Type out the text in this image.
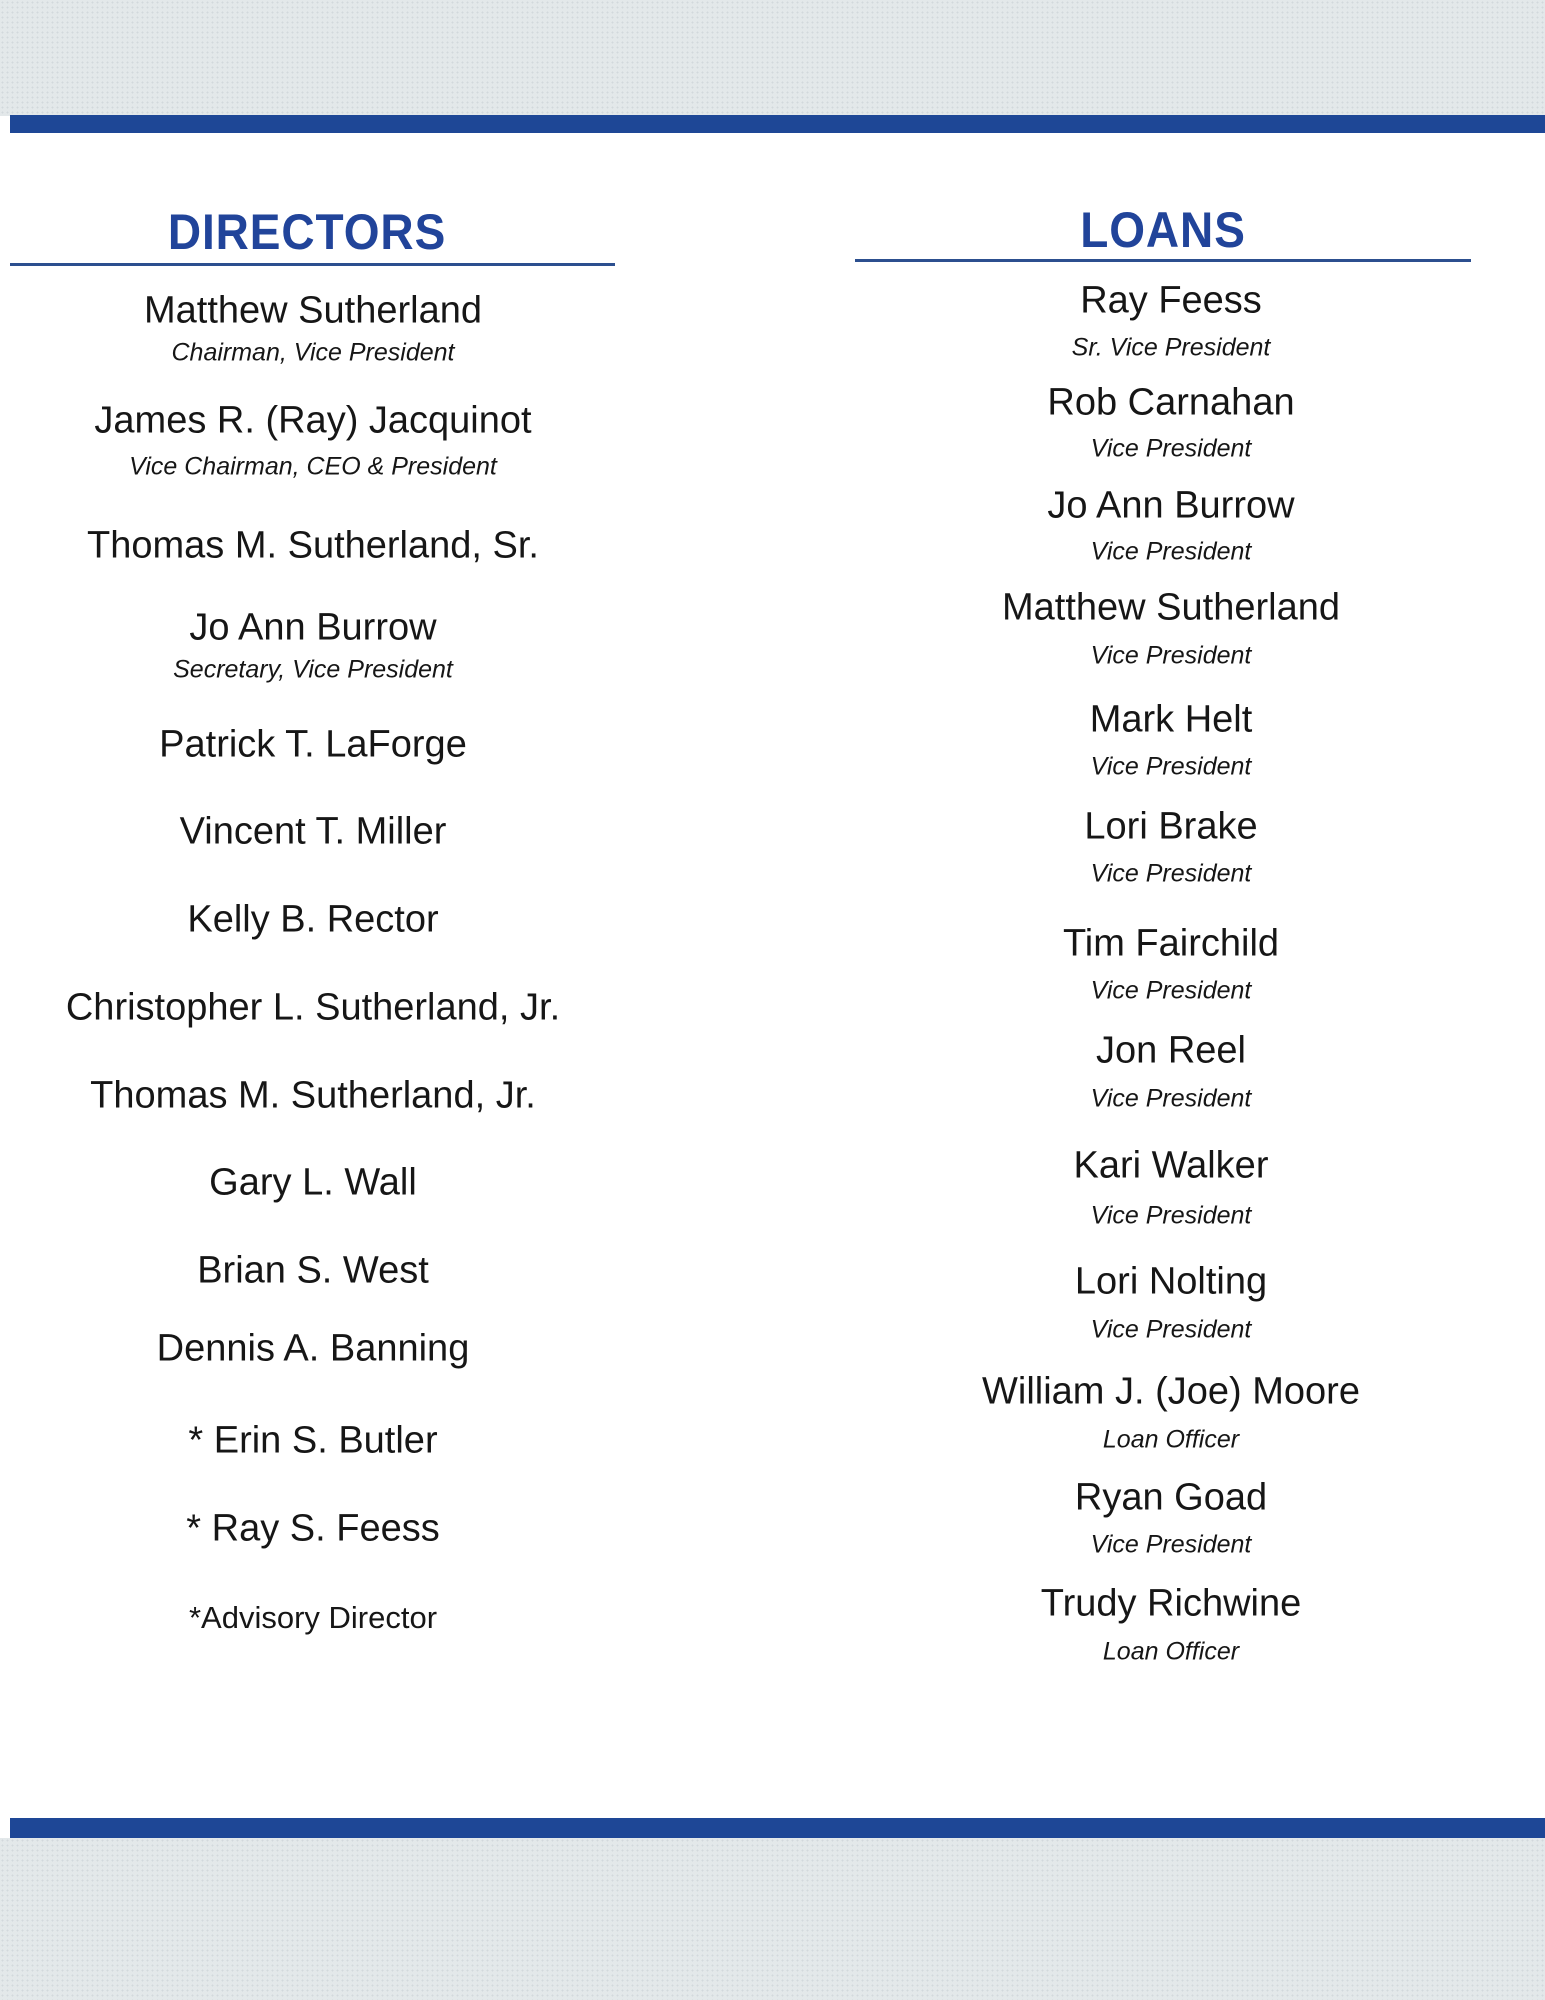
DIRECTORS
Matthew Sutherland
Chairman, Vice President
James R. (Ray) Jacquinot
Vice Chairman, CEO & President
Thomas M. Sutherland, Sr.
Jo Ann Burrow
Secretary, Vice President
Patrick T. LaForge
Vincent T. Miller
Kelly B. Rector
Christopher L. Sutherland, Jr.
Thomas M. Sutherland, Jr.
Gary L. Wall
Brian S. West
Dennis A. Banning
* Erin S. Butler
* Ray S. Feess
*Advisory Director
LOANS
Ray Feess
Sr. Vice President
Rob Carnahan
Vice President
Jo Ann Burrow
Vice President
Matthew Sutherland
Vice President
Mark Helt
Vice President
Lori Brake
Vice President
Tim Fairchild
Vice President
Jon Reel
Vice President
Kari Walker
Vice President
Lori Nolting
Vice President
William J. (Joe) Moore
Loan Officer
Ryan Goad
Vice President
Trudy Richwine
Loan Officer
